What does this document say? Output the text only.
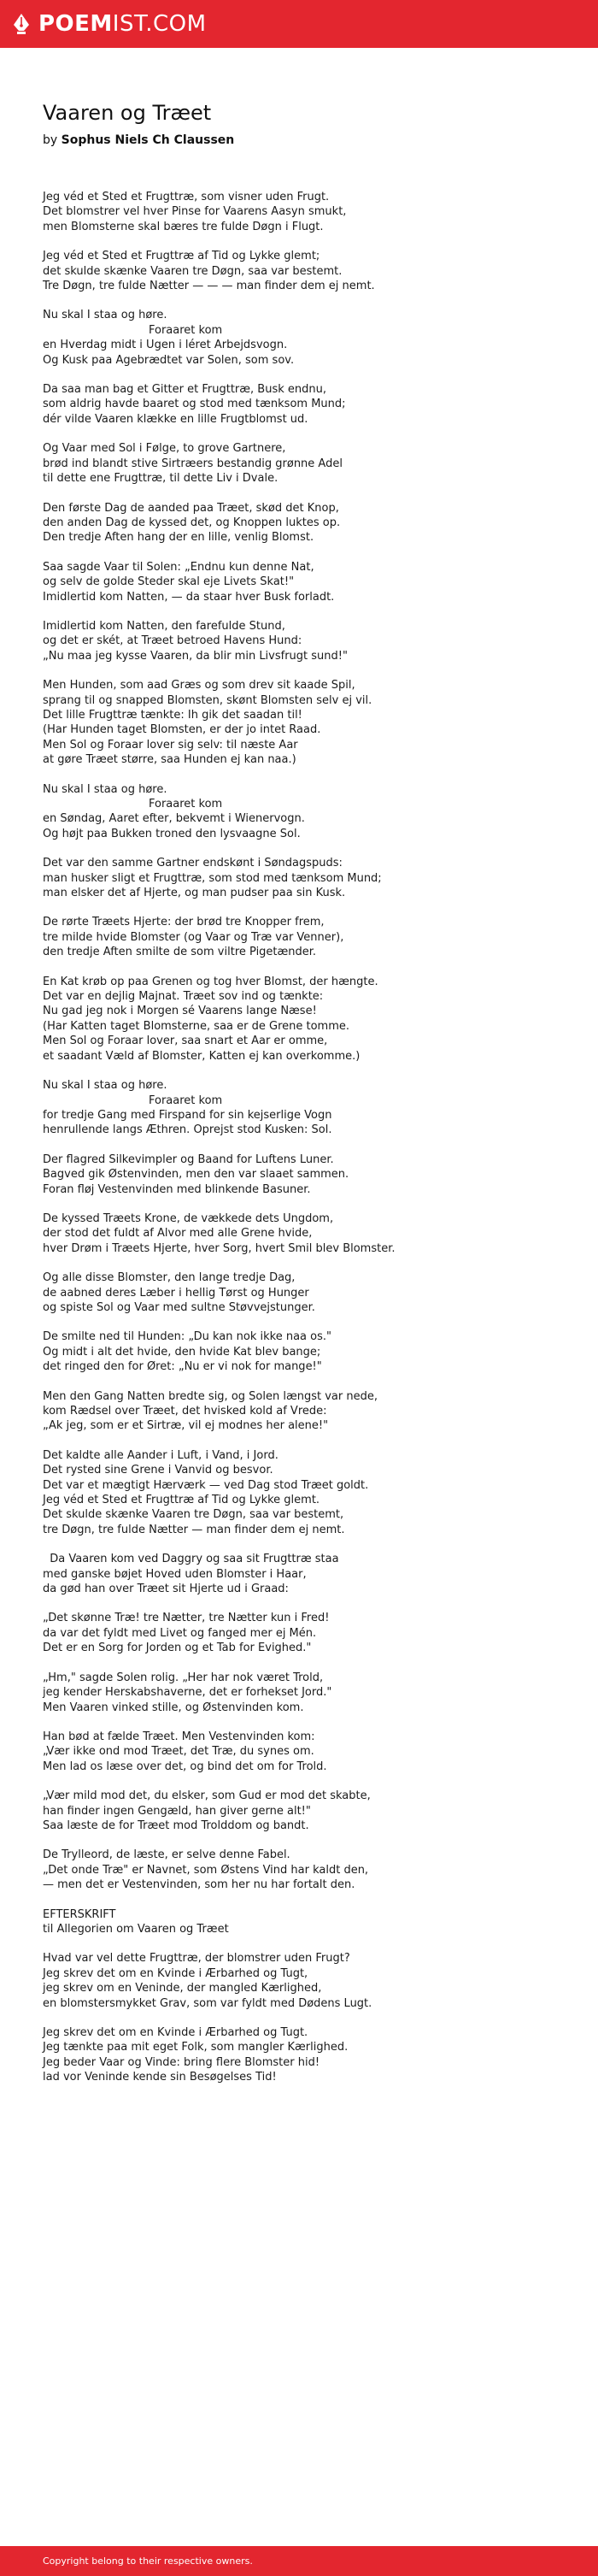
POEM IST.COM
Vaaren og Træet
by Sophus Niels Ch Claussen
Jeg véd et Sted et Frugttræ, som visner uden Frugt.
Det blomstrer vel hver Pinse for Vaarens Aasyn smukt,
men Blomsterne skal bæres tre fulde Døgn i Flugt.
Jeg véd et Sted et Frugttræ af Tid og Lykke glemt;
det skulde skænke Vaaren tre Døgn, saa var bestemt.
Tre Døgn, tre fulde Nætter — — — man finder dem ej nemt.
Nu skal I staa og høre.
Foraaret kom
en Hverdag midt i Ugen i léret Arbejdsvogn.
Og Kusk paa Agebrædtet var Solen, som sov.
Da saa man bag et Gitter et Frugttræ, Busk endnu,
som aldrig havde baaret og stod med tænksom Mund;
dér vilde Vaaren klække en lille Frugtblomst ud.
Og Vaar med Sol i Følge, to grove Gartnere,
brød ind blandt stive Sirtræers bestandig grønne Adel
til dette ene Frugttræ, til dette Liv i Dvale.
Den første Dag de aanded paa Træet, skød det Knop,
den anden Dag de kyssed det, og Knoppen luktes op.
Den tredje Aften hang der en lille, venlig Blomst.
Saa sagde Vaar til Solen: „Endnu kun denne Nat,
og selv de golde Steder skal eje Livets Skat!"
Imidlertid kom Natten, — da staar hver Busk forladt.
Imidlertid kom Natten, den farefulde Stund,
og det er skét, at Træet betroed Havens Hund:
„Nu maa jeg kysse Vaaren, da blir min Livsfrugt sund!"
Men Hunden, som aad Græs og som drev sit kaade Spil,
sprang til og snapped Blomsten, skønt Blomsten selv ej vil.
Det lille Frugttræ tænkte: Ih gik det saadan til!
(Har Hunden taget Blomsten, er der jo intet Raad.
Men Sol og Foraar lover sig selv: til næste Aar
at gøre Træet større, saa Hunden ej kan naa.)
Nu skal I staa og høre.
Foraaret kom
en Søndag, Aaret efter, bekvemt i Wienervogn.
Og højt paa Bukken troned den lysvaagne Sol.
Det var den samme Gartner endskønt i Søndagspuds:
man husker sligt et Frugttræ, som stod med tænksom Mund;
man elsker det af Hjerte, og man pudser paa sin Kusk.
De rørte Træets Hjerte: der brød tre Knopper frem,
tre milde hvide Blomster (og Vaar og Træ var Venner),
den tredje Aften smilte de som viltre Pigetænder.
En Kat krøb op paa Grenen og tog hver Blomst, der hængte.
Det var en dejlig Majnat. Træet sov ind og tænkte:
Nu gad jeg nok i Morgen sé Vaarens lange Næse!
(Har Katten taget Blomsterne, saa er de Grene tomme.
Men Sol og Foraar lover, saa snart et Aar er omme,
et saadant Væld af Blomster, Katten ej kan overkomme.)
Nu skal I staa og høre.
Foraaret kom
for tredje Gang med Firspand for sin kejserlige Vogn
henrullende langs Æthren. Oprejst stod Kusken: Sol.
Der flagred Silkevimpler og Baand for Luftens Luner.
Bagved gik Østenvinden, men den var slaaet sammen.
Foran fløj Vestenvinden med blinkende Basuner.
De kyssed Træets Krone, de vækkede dets Ungdom,
der stod det fuldt af Alvor med alle Grene hvide,
hver Drøm i Træets Hjerte, hver Sorg, hvert Smil blev Blomster.
Og alle disse Blomster, den lange tredje Dag,
de aabned deres Læber i hellig Tørst og Hunger
og spiste Sol og Vaar med sultne Støvvejstunger.
De smilte ned til Hunden: „Du kan nok ikke naa os."
Og midt i alt det hvide, den hvide Kat blev bange;
det ringed den for Øret: „Nu er vi nok for mange!"
Men den Gang Natten bredte sig, og Solen længst var nede,
kom Rædsel over Træet, det hvisked kold af Vrede:
„Ak jeg, som er et Sirtræ, vil ej modnes her alene!"
Det kaldte alle Aander i Luft, i Vand, i Jord.
Det rysted sine Grene i Vanvid og besvor.
Det var et mægtigt Hærværk — ved Dag stod Træet goldt.
Jeg véd et Sted et Frugttræ af Tid og Lykke glemt.
Det skulde skænke Vaaren tre Døgn, saa var bestemt,
tre Døgn, tre fulde Nætter — man finder dem ej nemt.
Da Vaaren kom ved Daggry og saa sit Frugttræ staa
med ganske bøjet Hoved uden Blomster i Haar,
da gød han over Træet sit Hjerte ud i Graad:
„Det skønne Træ! tre Nætter, tre Nætter kun i Fred!
da var det fyldt med Livet og fanged mer ej Mén.
Det er en Sorg for Jorden og et Tab for Evighed."
„Hm," sagde Solen rolig. „Her har nok været Trold,
jeg kender Herskabshaverne, det er forhekset Jord."
Men Vaaren vinked stille, og Østenvinden kom.
Han bød at fælde Træet. Men Vestenvinden kom:
„Vær ikke ond mod Træet, det Træ, du synes om.
Men lad os læse over det, og bind det om for Trold.
„Vær mild mod det, du elsker, som Gud er mod det skabte,
han finder ingen Gengæld, han giver gerne alt!"
Saa læste de for Træet mod Trolddom og bandt.
De Trylleord, de læste, er selve denne Fabel.
„Det onde Træ" er Navnet, som Østens Vind har kaldt den,
— men det er Vestenvinden, som her nu har fortalt den.
EFTERSKRIFT
til Allegorien om Vaaren og Træet
Hvad var vel dette Frugttræ, der blomstrer uden Frugt?
Jeg skrev det om en Kvinde i Ærbarhed og Tugt,
jeg skrev om en Veninde, der mangled Kærlighed,
en blomstersmykket Grav, som var fyldt med Dødens Lugt.
Jeg skrev det om en Kvinde i Ærbarhed og Tugt.
Jeg tænkte paa mit eget Folk, som mangler Kærlighed.
Jeg beder Vaar og Vinde: bring flere Blomster hid!
lad vor Veninde kende sin Besøgelses Tid!
Copyright belong to their respective owners.
